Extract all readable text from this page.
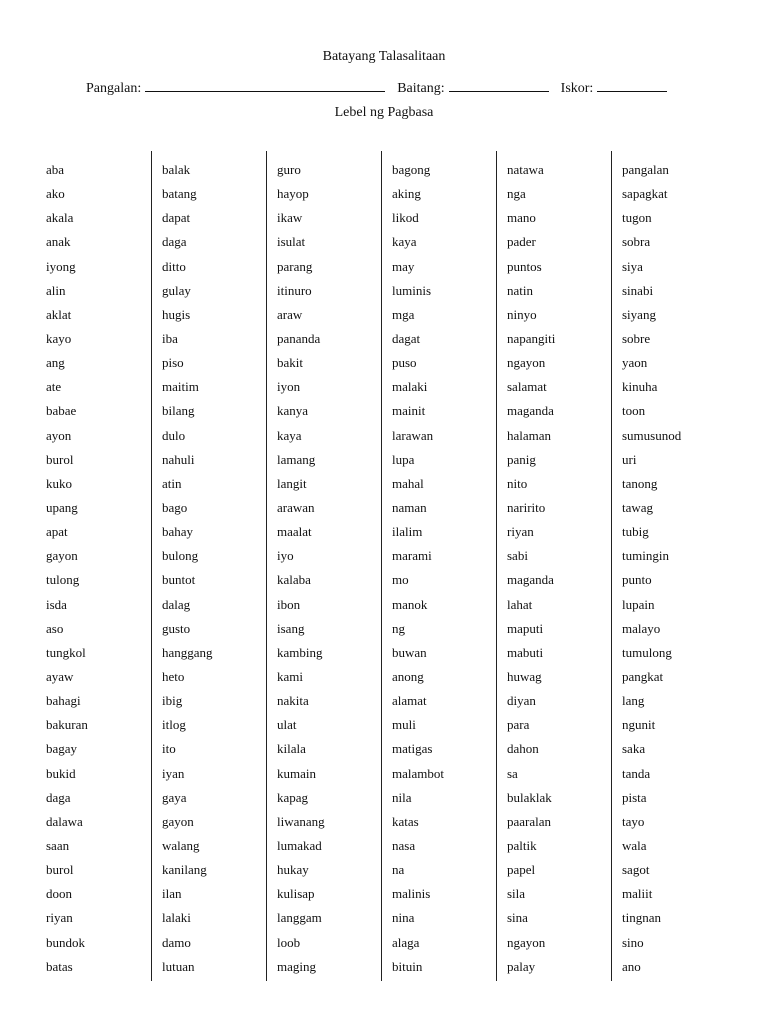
Batayang Talasalitaan
Pangalan:	Baitang:	Iskor:
Lebel ng Pagbasa
aba
ako
akala
anak
iyong
alin
aklat
kayo
ang
ate
babae
ayon
burol
kuko
upang
apat
gayon
tulong
isda
aso
tungkol
ayaw
bahagi
bakuran
bagay
bukid
daga
dalawa
saan
burol
doon
riyan
bundok
batas
balak
batang
dapat
daga
ditto
gulay
hugis
iba
piso
maitim
bilang
dulo
nahuli
atin
bago
bahay
bulong
buntot
dalag
gusto
hanggang
heto
ibig
itlog
ito
iyan
gaya
gayon
walang
kanilang
ilan
lalaki
damo
lutuan
guro
hayop
ikaw
isulat
parang
itinuro
araw
pananda
bakit
iyon
kanya
kaya
lamang
langit
arawan
maalat
iyo
kalaba
ibon
isang
kambing
kami
nakita
ulat
kilala
kumain
kapag
liwanang
lumakad
hukay
kulisap
langgam
loob
maging
bagong
aking
likod
kaya
may
luminis
mga
dagat
puso
malaki
mainit
larawan
lupa
mahal
naman
ilalim
marami
mo
manok
ng
buwan
anong
alamat
muli
matigas
malambot
nila
katas
nasa
na
malinis
nina
alaga
bituin
natawa
nga
mano
pader
puntos
natin
ninyo
napangiti
ngayon
salamat
maganda
halaman
panig
nito
naririto
riyan
sabi
maganda
lahat
maputi
mabuti
huwag
diyan
para
dahon
sa
bulaklak
paaralan
paltik
papel
sila
sina
ngayon
palay
pangalan
sapagkat
tugon
sobra
siya
sinabi
siyang
sobre
yaon
kinuha
toon
sumusunod
uri
tanong
tawag
tubig
tumingin
punto
lupain
malayo
tumulong
pangkat
lang
ngunit
saka
tanda
pista
tayo
wala
sagot
maliit
tingnan
sino
ano
